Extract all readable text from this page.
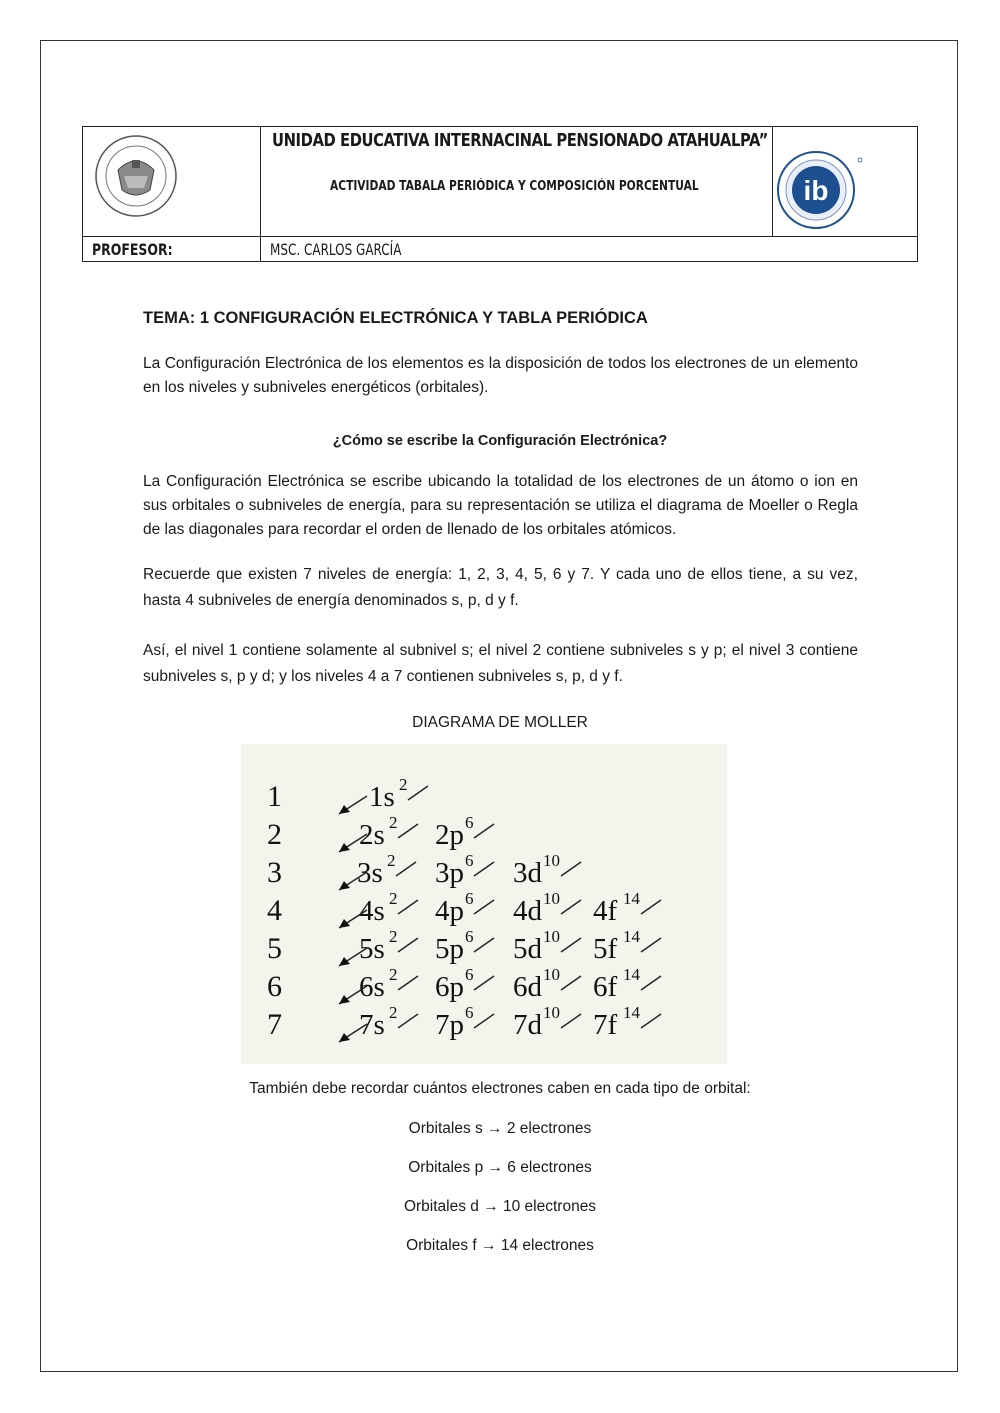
UNIDAD EDUCATIVA INTERNACINAL PENSIONADO ATAHUALPA”
ACTIVIDAD TABALA PERIÓDICA Y COMPOSICIÓN PORCENTUAL	ib
PROFESOR:	MSC. CARLOS GARCÍA
TEMA: 1 CONFIGURACIÓN ELECTRÓNICA Y TABLA PERIÓDICA
La Configuración Electrónica de los elementos es la disposición de todos los electrones de un elemento en los niveles y subniveles energéticos (orbitales).
¿Cómo se escribe la Configuración Electrónica?
La Configuración Electrónica se escribe ubicando la totalidad de los electrones de un átomo o ion en sus orbitales o subniveles de energía, para su representación se utiliza el diagrama de Moeller o Regla de las diagonales para recordar el orden de llenado de los orbitales atómicos.
Recuerde que existen 7 niveles de energía: 1, 2, 3, 4, 5, 6 y 7. Y cada uno de ellos tiene, a su vez, hasta 4 subniveles de energía denominados s, p, d y f.
Así, el nivel 1 contiene solamente al subnivel s; el nivel 2 contiene subniveles s y p; el nivel 3 contiene subniveles s, p y d; y los niveles 4 a 7 contienen subniveles s, p, d y f.
DIAGRAMA DE MOLLER
1
2
3
4
5
6
7
1s 2
2s 2 2p 6
3s 2 3p 6 3d 10
4s 2 4p 6 4d 10 4f 14
5s 2 5p 6 5d 10 5f 14
6s 2 6p 6 6d 10 6f 14
7s 2 7p 6 7d 10 7f 14
También debe recordar cuántos electrones caben en cada tipo de orbital:
Orbitales s → 2 electrones
Orbitales p → 6 electrones
Orbitales d → 10 electrones
Orbitales f → 14 electrones
